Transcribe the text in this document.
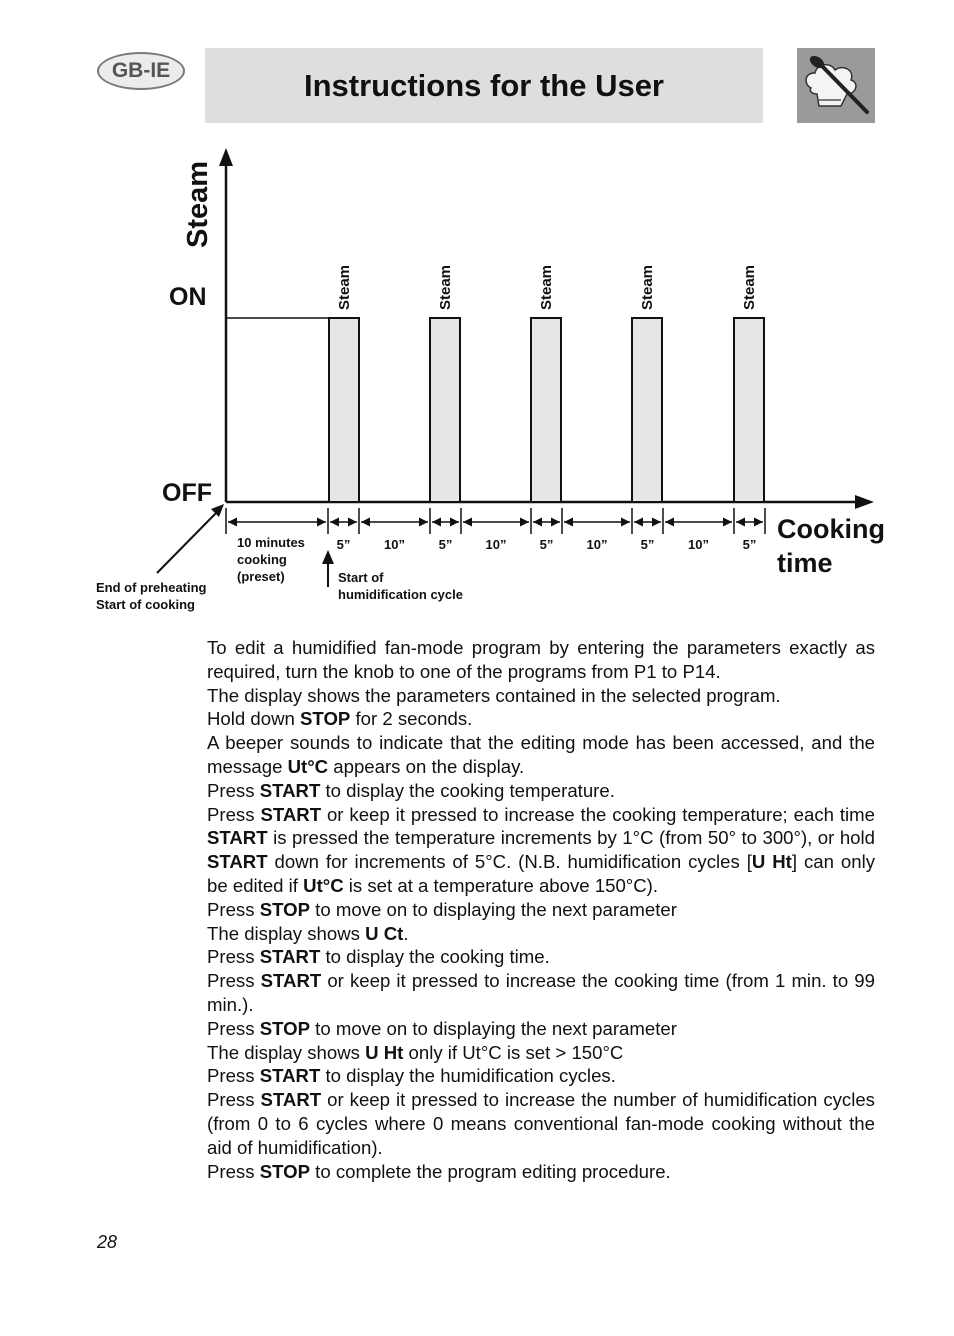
GB-IE	Instructions for the User
Steam
ON
OFF
Cooking
time
Steam	Steam	Steam	Steam	Steam
5”	10”	5”	10”	5”	10”	5”	10”	5”
End of preheating
Start of cooking
10 minutes
cooking
(preset)	Start of
humidification cycle

To edit a humidified fan-mode program by entering the parameters exactly as required, turn the knob to one of the programs from P1 to P14.

The display shows the parameters contained in the selected program.

Hold down STOP for 2 seconds.

A beeper sounds to indicate that the editing mode has been accessed, and the message Ut°C appears on the display.

Press START to display the cooking temperature.

Press START or keep it pressed to increase the cooking temperature; each time START is pressed the temperature increments by 1°C (from 50° to 300°), or hold START down for increments of 5°C. (N.B. humidification cycles [U Ht] can only be edited if Ut°C is set at a temperature above 150°C).

Press STOP to move on to displaying the next parameter

The display shows U Ct.

Press START to display the cooking time.

Press START or keep it pressed to increase the cooking time (from 1 min. to 99 min.).

Press STOP to move on to displaying the next parameter

The display shows U Ht only if Ut°C is set > 150°C

Press START to display the humidification cycles.

Press START or keep it pressed to increase the number of humidification cycles (from 0 to 6 cycles where 0 means conventional fan-mode cooking without the aid of humidification).

Press STOP to complete the program editing procedure.

28
